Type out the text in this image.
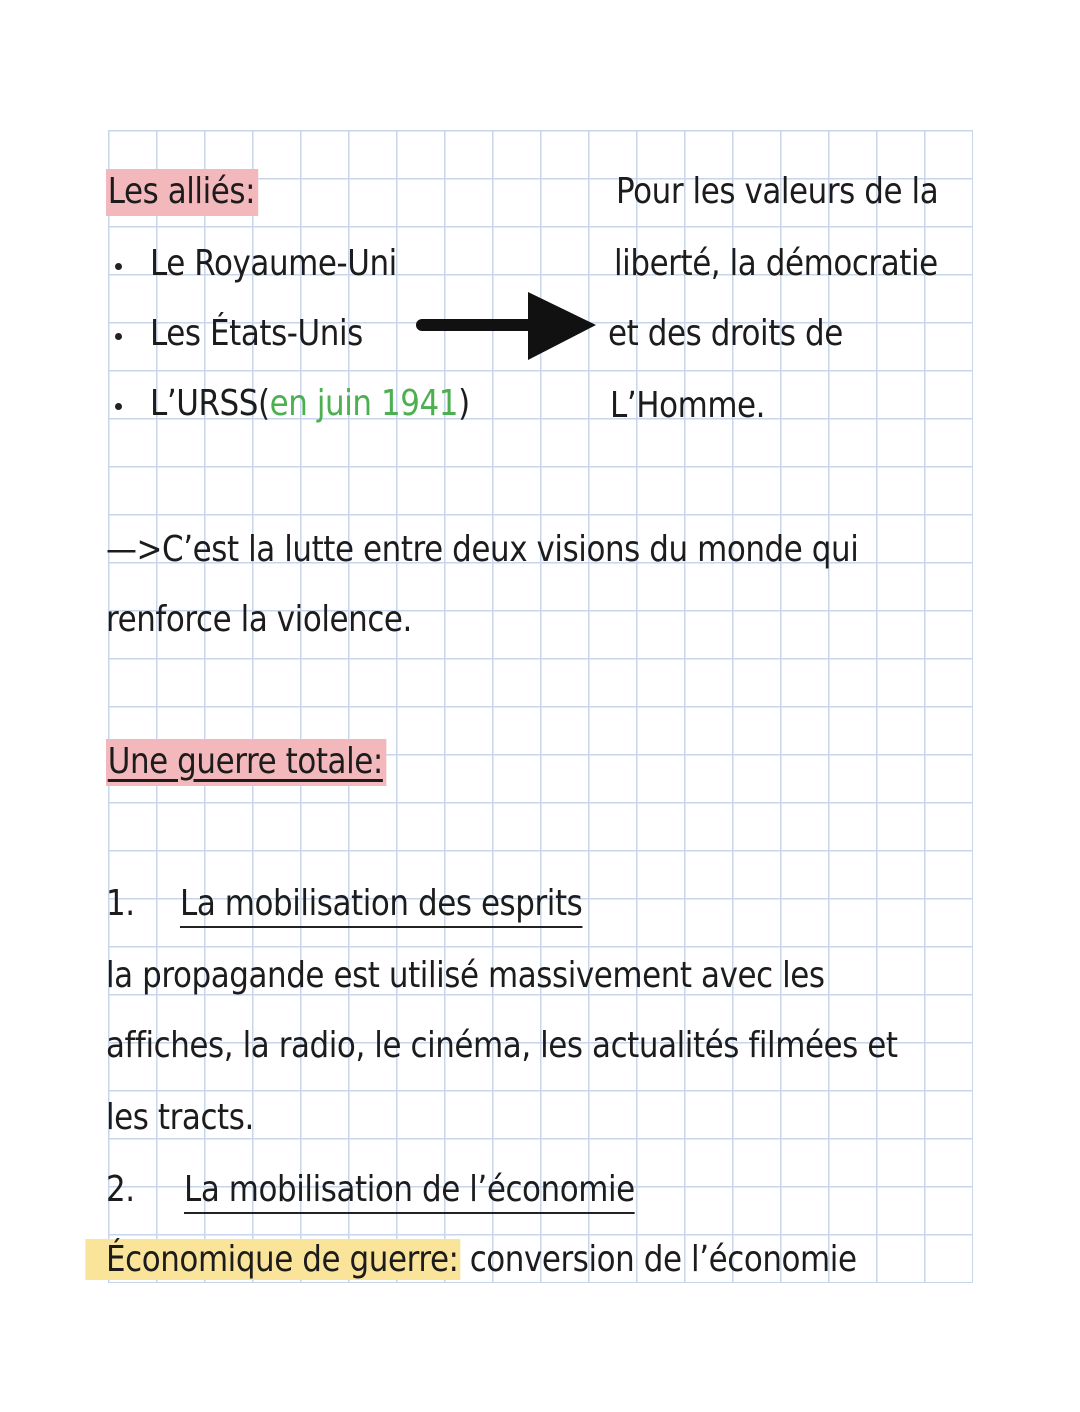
Les alliés:
Le Royaume-Uni
Les États-Unis
L’URSS(en juin 1941)
Pour les valeurs de la
liberté, la démocratie
et des droits de
L’Homme.
—>C’est la lutte entre deux visions du monde qui
renforce la violence.
Une guerre totale:
1. La mobilisation des esprits
la propagande est utilisé massivement avec les
affiches, la radio, le cinéma, les actualités filmées et
les tracts.
2. La mobilisation de l’économie
Économique de guerre: conversion de l’économie
